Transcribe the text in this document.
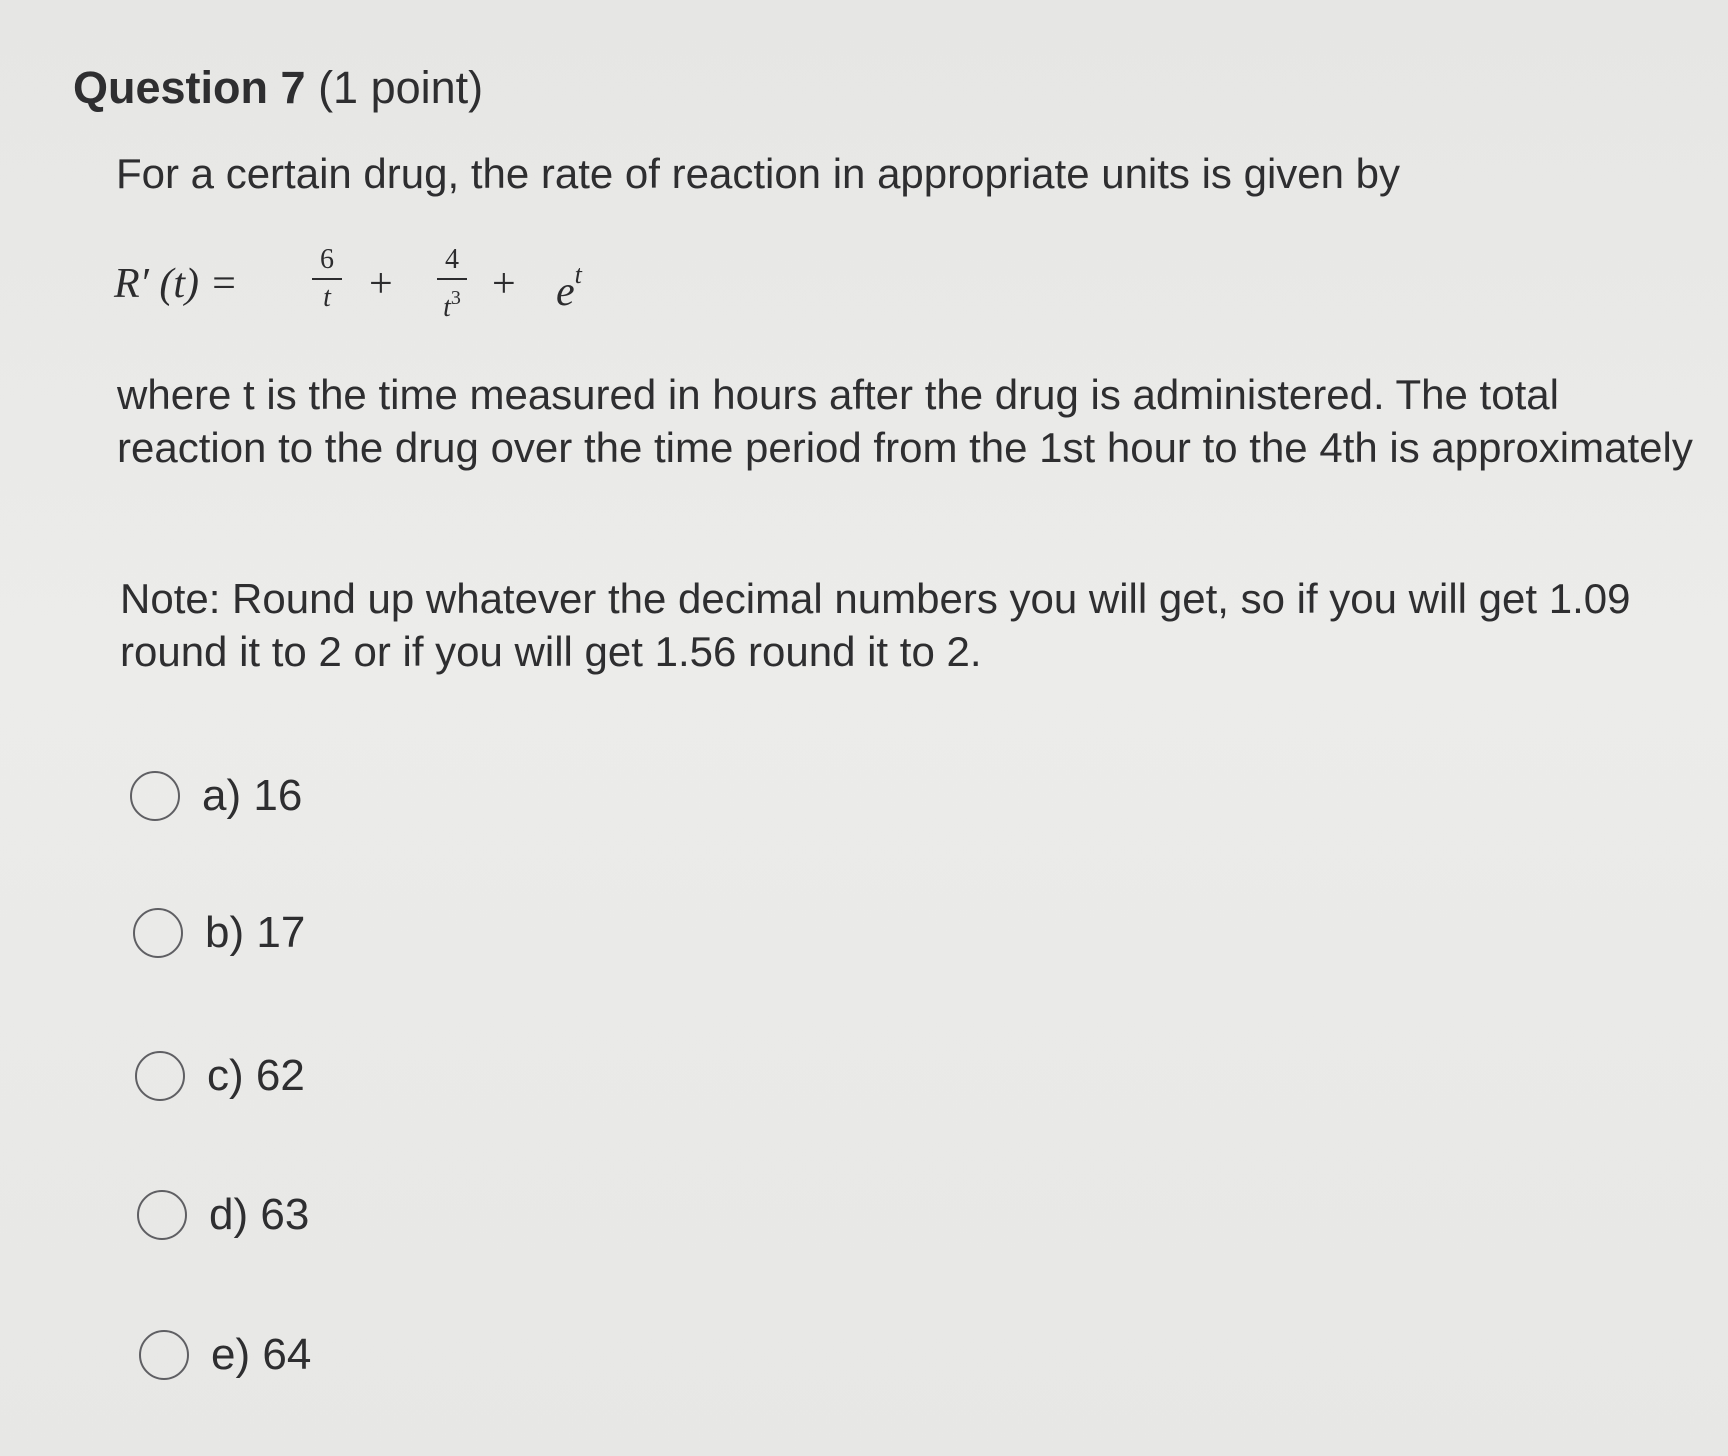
Question 7 (1 point)
For a certain drug, the rate of reaction in appropriate units is given by
R′ (t) =
6
t +
4
$t^3 + e^t$
where t is the time measured in hours after the drug is administered. The total reaction to the drug over the time period from the 1st hour to the 4th is approximately
Note: Round up whatever the decimal numbers you will get, so if you will get 1.09 round it to 2 or if you will get 1.56 round it to 2.
a) 16
b) 17
c) 62
d) 63
e) 64
